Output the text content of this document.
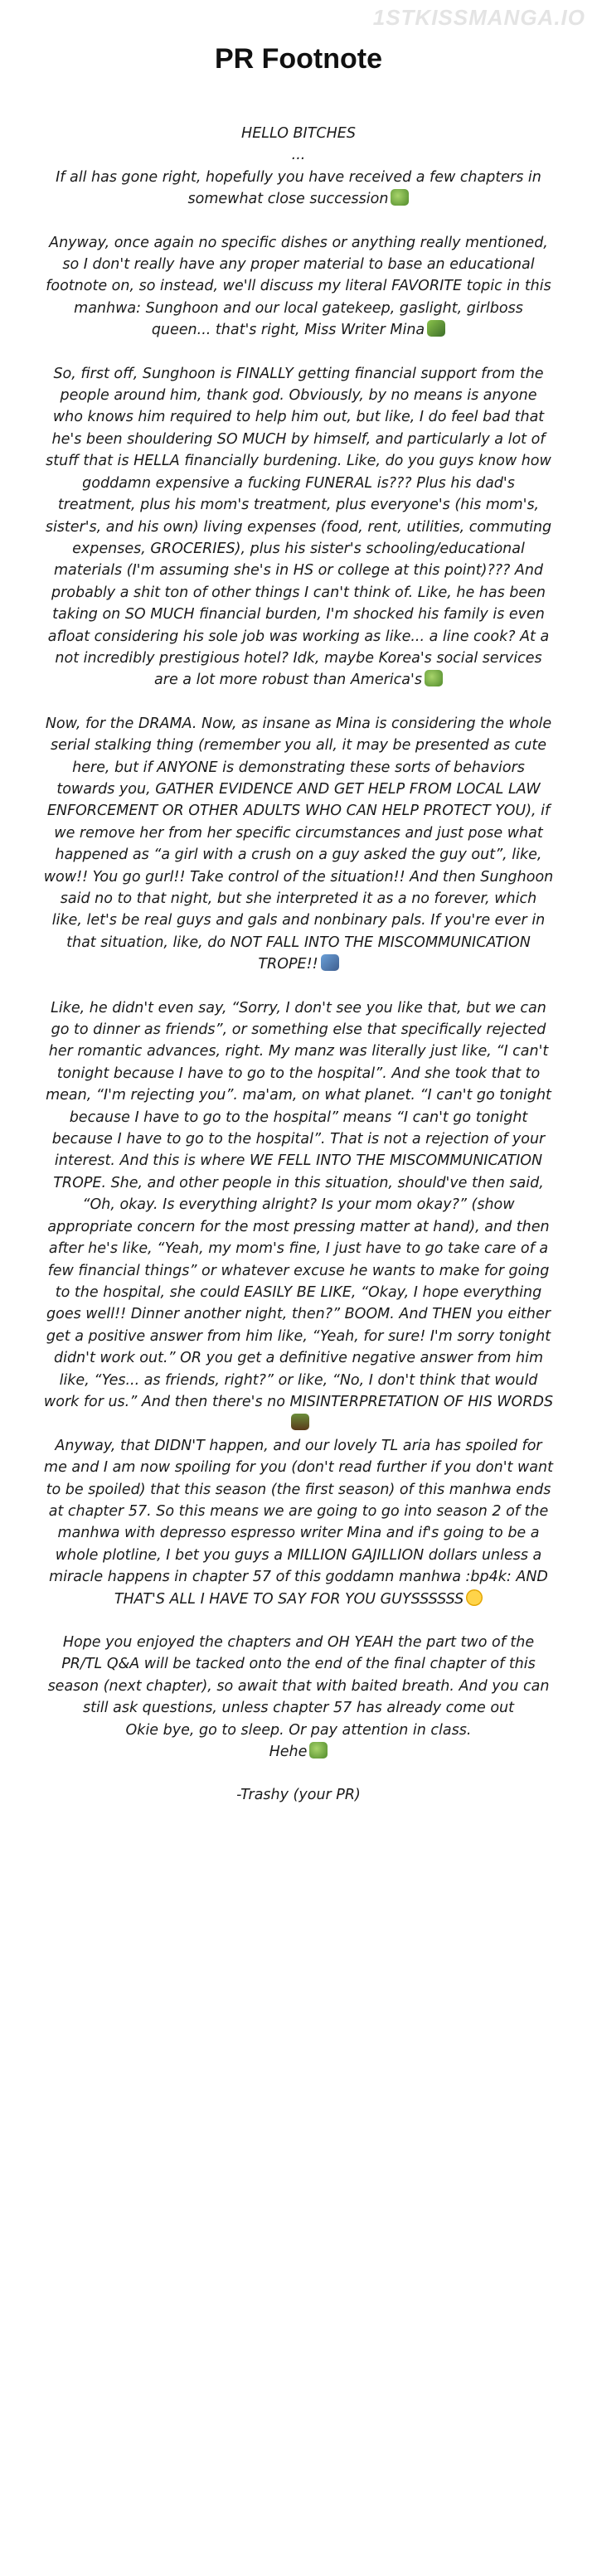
1STKISSMANGA.IO
PR Footnote

HELLO BITCHES
...
If all has gone right, hopefully you have received a few chapters in somewhat close succession

Anyway, once again no specific dishes or anything really mentioned, so I don't really have any proper material to base an educational footnote on, so instead, we'll discuss my literal FAVORITE topic in this manhwa: Sunghoon and our local gatekeep, gaslight, girlboss queen... that's right, Miss Writer Mina

So, first off, Sunghoon is FINALLY getting financial support from the people around him, thank god. Obviously, by no means is anyone who knows him required to help him out, but like, I do feel bad that he's been shouldering SO MUCH by himself, and particularly a lot of stuff that is HELLA financially burdening. Like, do you guys know how goddamn expensive a fucking FUNERAL is??? Plus his dad's treatment, plus his mom's treatment, plus everyone's (his mom's, sister's, and his own) living expenses (food, rent, utilities, commuting expenses, GROCERIES), plus his sister's schooling/educational materials (I'm assuming she's in HS or college at this point)??? And probably a shit ton of other things I can't think of. Like, he has been taking on SO MUCH financial burden, I'm shocked his family is even afloat considering his sole job was working as like... a line cook? At a not incredibly prestigious hotel? Idk, maybe Korea's social services are a lot more robust than America's

Now, for the DRAMA. Now, as insane as Mina is considering the whole serial stalking thing (remember you all, it may be presented as cute here, but if ANYONE is demonstrating these sorts of behaviors towards you, GATHER EVIDENCE AND GET HELP FROM LOCAL LAW ENFORCEMENT OR OTHER ADULTS WHO CAN HELP PROTECT YOU), if we remove her from her specific circumstances and just pose what happened as “a girl with a crush on a guy asked the guy out”, like, wow!! You go gurl!! Take control of the situation!! And then Sunghoon said no to that night, but she interpreted it as a no forever, which like, let's be real guys and gals and nonbinary pals. If you're ever in that situation, like, do NOT FALL INTO THE MISCOMMUNICATION TROPE!!

Like, he didn't even say, “Sorry, I don't see you like that, but we can go to dinner as friends”, or something else that specifically rejected her romantic advances, right. My manz was literally just like, “I can't tonight because I have to go to the hospital”. And she took that to mean, “I'm rejecting you”. ma'am, on what planet. “I can't go tonight because I have to go to the hospital” means “I can't go tonight because I have to go to the hospital”. That is not a rejection of your interest. And this is where WE FELL INTO THE MISCOMMUNICATION TROPE. She, and other people in this situation, should've then said, “Oh, okay. Is everything alright? Is your mom okay?” (show appropriate concern for the most pressing matter at hand), and then after he's like, “Yeah, my mom's fine, I just have to go take care of a few financial things” or whatever excuse he wants to make for going to the hospital, she could EASILY BE LIKE, “Okay, I hope everything goes well!! Dinner another night, then?” BOOM. And THEN you either get a positive answer from him like, “Yeah, for sure! I'm sorry tonight didn't work out.” OR you get a definitive negative answer from him like, “Yes... as friends, right?” or like, “No, I don't think that would work for us.” And then there's no MISINTERPRETATION OF HIS WORDS

Anyway, that DIDN'T happen, and our lovely TL aria has spoiled for me and I am now spoiling for you (don't read further if you don't want to be spoiled) that this season (the first season) of this manhwa ends at chapter 57. So this means we are going to go into season 2 of the manhwa with depresso espresso writer Mina and if's going to be a whole plotline, I bet you guys a MILLION GAJILLION dollars unless a miracle happens in chapter 57 of this goddamn manhwa :bp4k: AND THAT'S ALL I HAVE TO SAY FOR YOU GUYSSSSSS

Hope you enjoyed the chapters and OH YEAH the part two of the PR/TL Q&A will be tacked onto the end of the final chapter of this season (next chapter), so await that with baited breath. And you can still ask questions, unless chapter 57 has already come out
Okie bye, go to sleep. Or pay attention in class.
Hehe

-Trashy (your PR)
